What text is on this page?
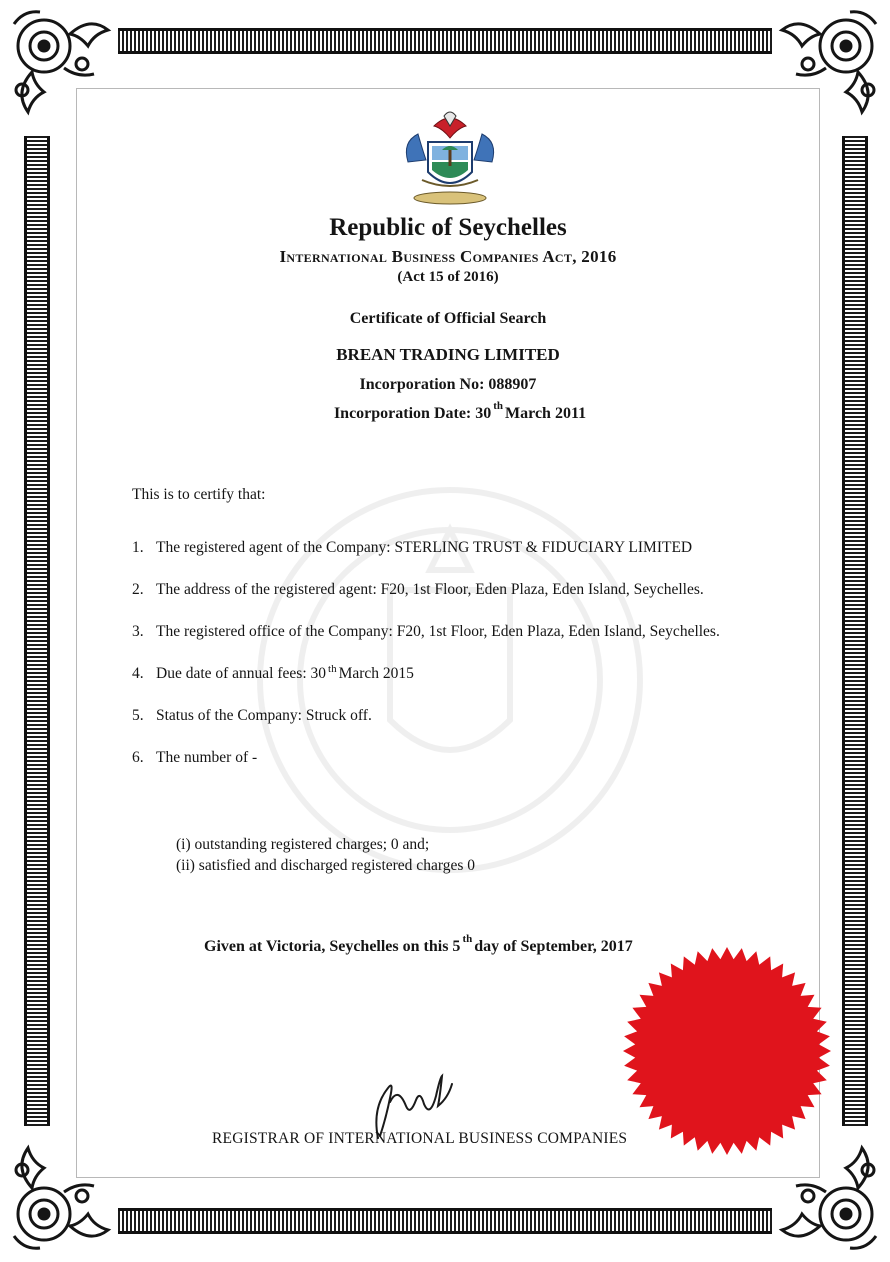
Republic of Seychelles
International Business Companies Act, 2016
(Act 15 of 2016)
Certificate of Official Search
BREAN TRADING LIMITED
Incorporation No: 088907
Incorporation Date: 30 $^{th}$ March 2011
This is to certify that:
1. The registered agent of the Company: STERLING TRUST & FIDUCIARY LIMITED
2. The address of the registered agent: F20, 1st Floor, Eden Plaza, Eden Island, Seychelles.
3. The registered office of the Company: F20, 1st Floor, Eden Plaza, Eden Island, Seychelles.
4. Due date of annual fees: 30 $^{th}$ March 2015
5. Status of the Company: Struck off.
6. The number of -
(i) outstanding registered charges; 0 and;
(ii) satisfied and discharged registered charges 0
Given at Victoria, Seychelles on this 5 $^{th}$ day of September, 2017
REGISTRAR OF INTERNATIONAL BUSINESS COMPANIES
